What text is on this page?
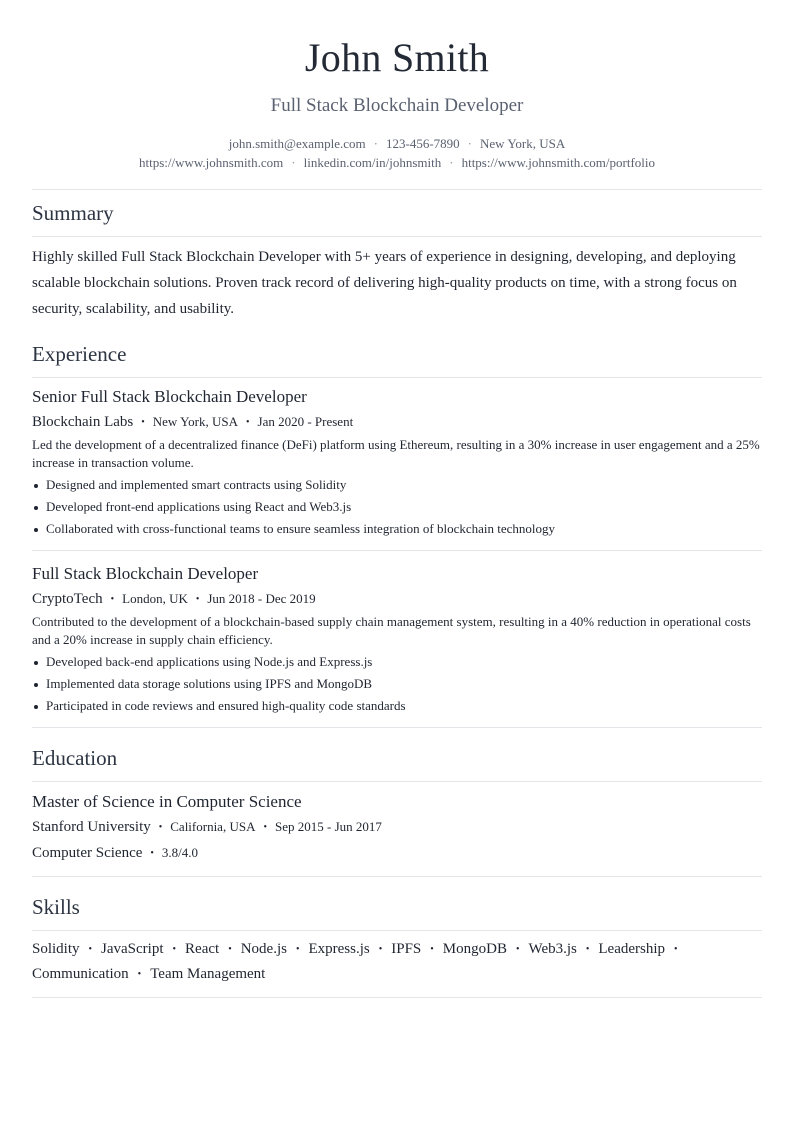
John Smith
Full Stack Blockchain Developer
john.smith@example.com · 123-456-7890 · New York, USA
https://www.johnsmith.com · linkedin.com/in/johnsmith · https://www.johnsmith.com/portfolio
Summary

Highly skilled Full Stack Blockchain Developer with 5+ years of experience in designing, developing, and deploying scalable blockchain solutions. Proven track record of delivering high-quality products on time, with a strong focus on security, scalability, and usability.

Experience
Senior Full Stack Blockchain Developer
Blockchain Labs • New York, USA • Jan 2020 - Present

Led the development of a decentralized finance (DeFi) platform using Ethereum, resulting in a 30% increase in user engagement and a 25% increase in transaction volume.

Designed and implemented smart contracts using Solidity
Developed front-end applications using React and Web3.js
Collaborated with cross-functional teams to ensure seamless integration of blockchain technology
Full Stack Blockchain Developer
CryptoTech • London, UK • Jun 2018 - Dec 2019

Contributed to the development of a blockchain-based supply chain management system, resulting in a 40% reduction in operational costs and a 20% increase in supply chain efficiency.

Developed back-end applications using Node.js and Express.js
Implemented data storage solutions using IPFS and MongoDB
Participated in code reviews and ensured high-quality code standards
Education
Master of Science in Computer Science
Stanford University • California, USA • Sep 2015 - Jun 2017
Computer Science • 3.8/4.0
Skills
Solidity • JavaScript • React • Node.js • Express.js • IPFS • MongoDB • Web3.js • Leadership •
Communication • Team Management
